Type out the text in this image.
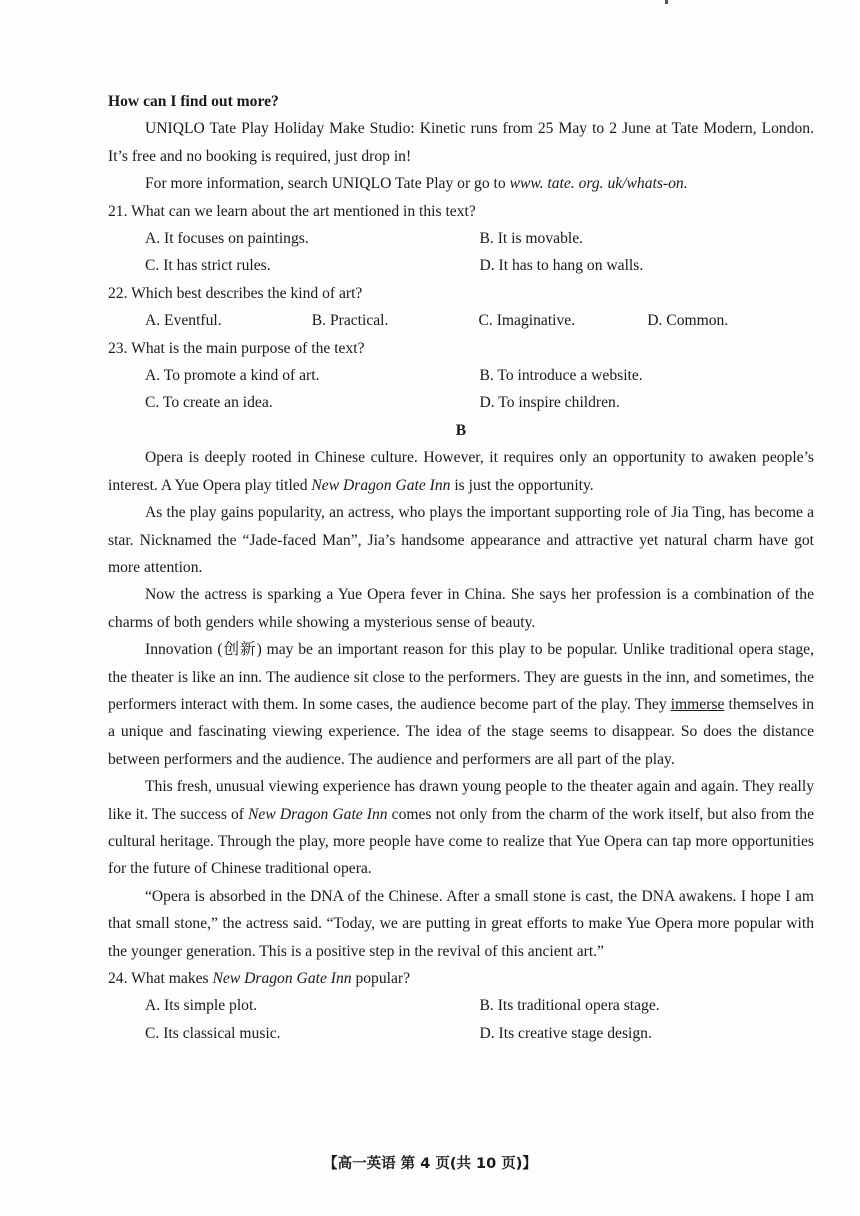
How can I find out more?

UNIQLO Tate Play Holiday Make Studio: Kinetic runs from 25 May to 2 June at Tate Modern, London. It’s free and no booking is required, just drop in!

For more information, search UNIQLO Tate Play or go to www. tate. org. uk/whats-on.

21. What can we learn about the art mentioned in this text?

A. It focuses on paintings.	B. It is movable.
C. It has strict rules.	D. It has to hang on walls.

22. Which best describes the kind of art?

A. Eventful.	B. Practical.	C. Imaginative.	D. Common.

23. What is the main purpose of the text?

A. To promote a kind of art.	B. To introduce a website.
C. To create an idea.	D. To inspire children.

B

Opera is deeply rooted in Chinese culture. However, it requires only an opportunity to awaken people’s interest. A Yue Opera play titled New Dragon Gate Inn is just the opportunity.

As the play gains popularity, an actress, who plays the important supporting role of Jia Ting, has become a star. Nicknamed the “Jade-faced Man”, Jia’s handsome appearance and attractive yet natural charm have got more attention.

Now the actress is sparking a Yue Opera fever in China. She says her profession is a combination of the charms of both genders while showing a mysterious sense of beauty.

Innovation (创新) may be an important reason for this play to be popular. Unlike traditional opera stage, the theater is like an inn. The audience sit close to the performers. They are guests in the inn, and sometimes, the performers interact with them. In some cases, the audience become part of the play. They immerse themselves in a unique and fascinating viewing experience. The idea of the stage seems to disappear. So does the distance between performers and the audience. The audience and performers are all part of the play.

This fresh, unusual viewing experience has drawn young people to the theater again and again. They really like it. The success of New Dragon Gate Inn comes not only from the charm of the work itself, but also from the cultural heritage. Through the play, more people have come to realize that Yue Opera can tap more opportunities for the future of Chinese traditional opera.

“Opera is absorbed in the DNA of the Chinese. After a small stone is cast, the DNA awakens. I hope I am that small stone,” the actress said. “Today, we are putting in great efforts to make Yue Opera more popular with the younger generation. This is a positive step in the revival of this ancient art.”

24. What makes New Dragon Gate Inn popular?

A. Its simple plot.	B. Its traditional opera stage.
C. Its classical music.	D. Its creative stage design.
【高一英语 第 4 页(共 10 页)】
